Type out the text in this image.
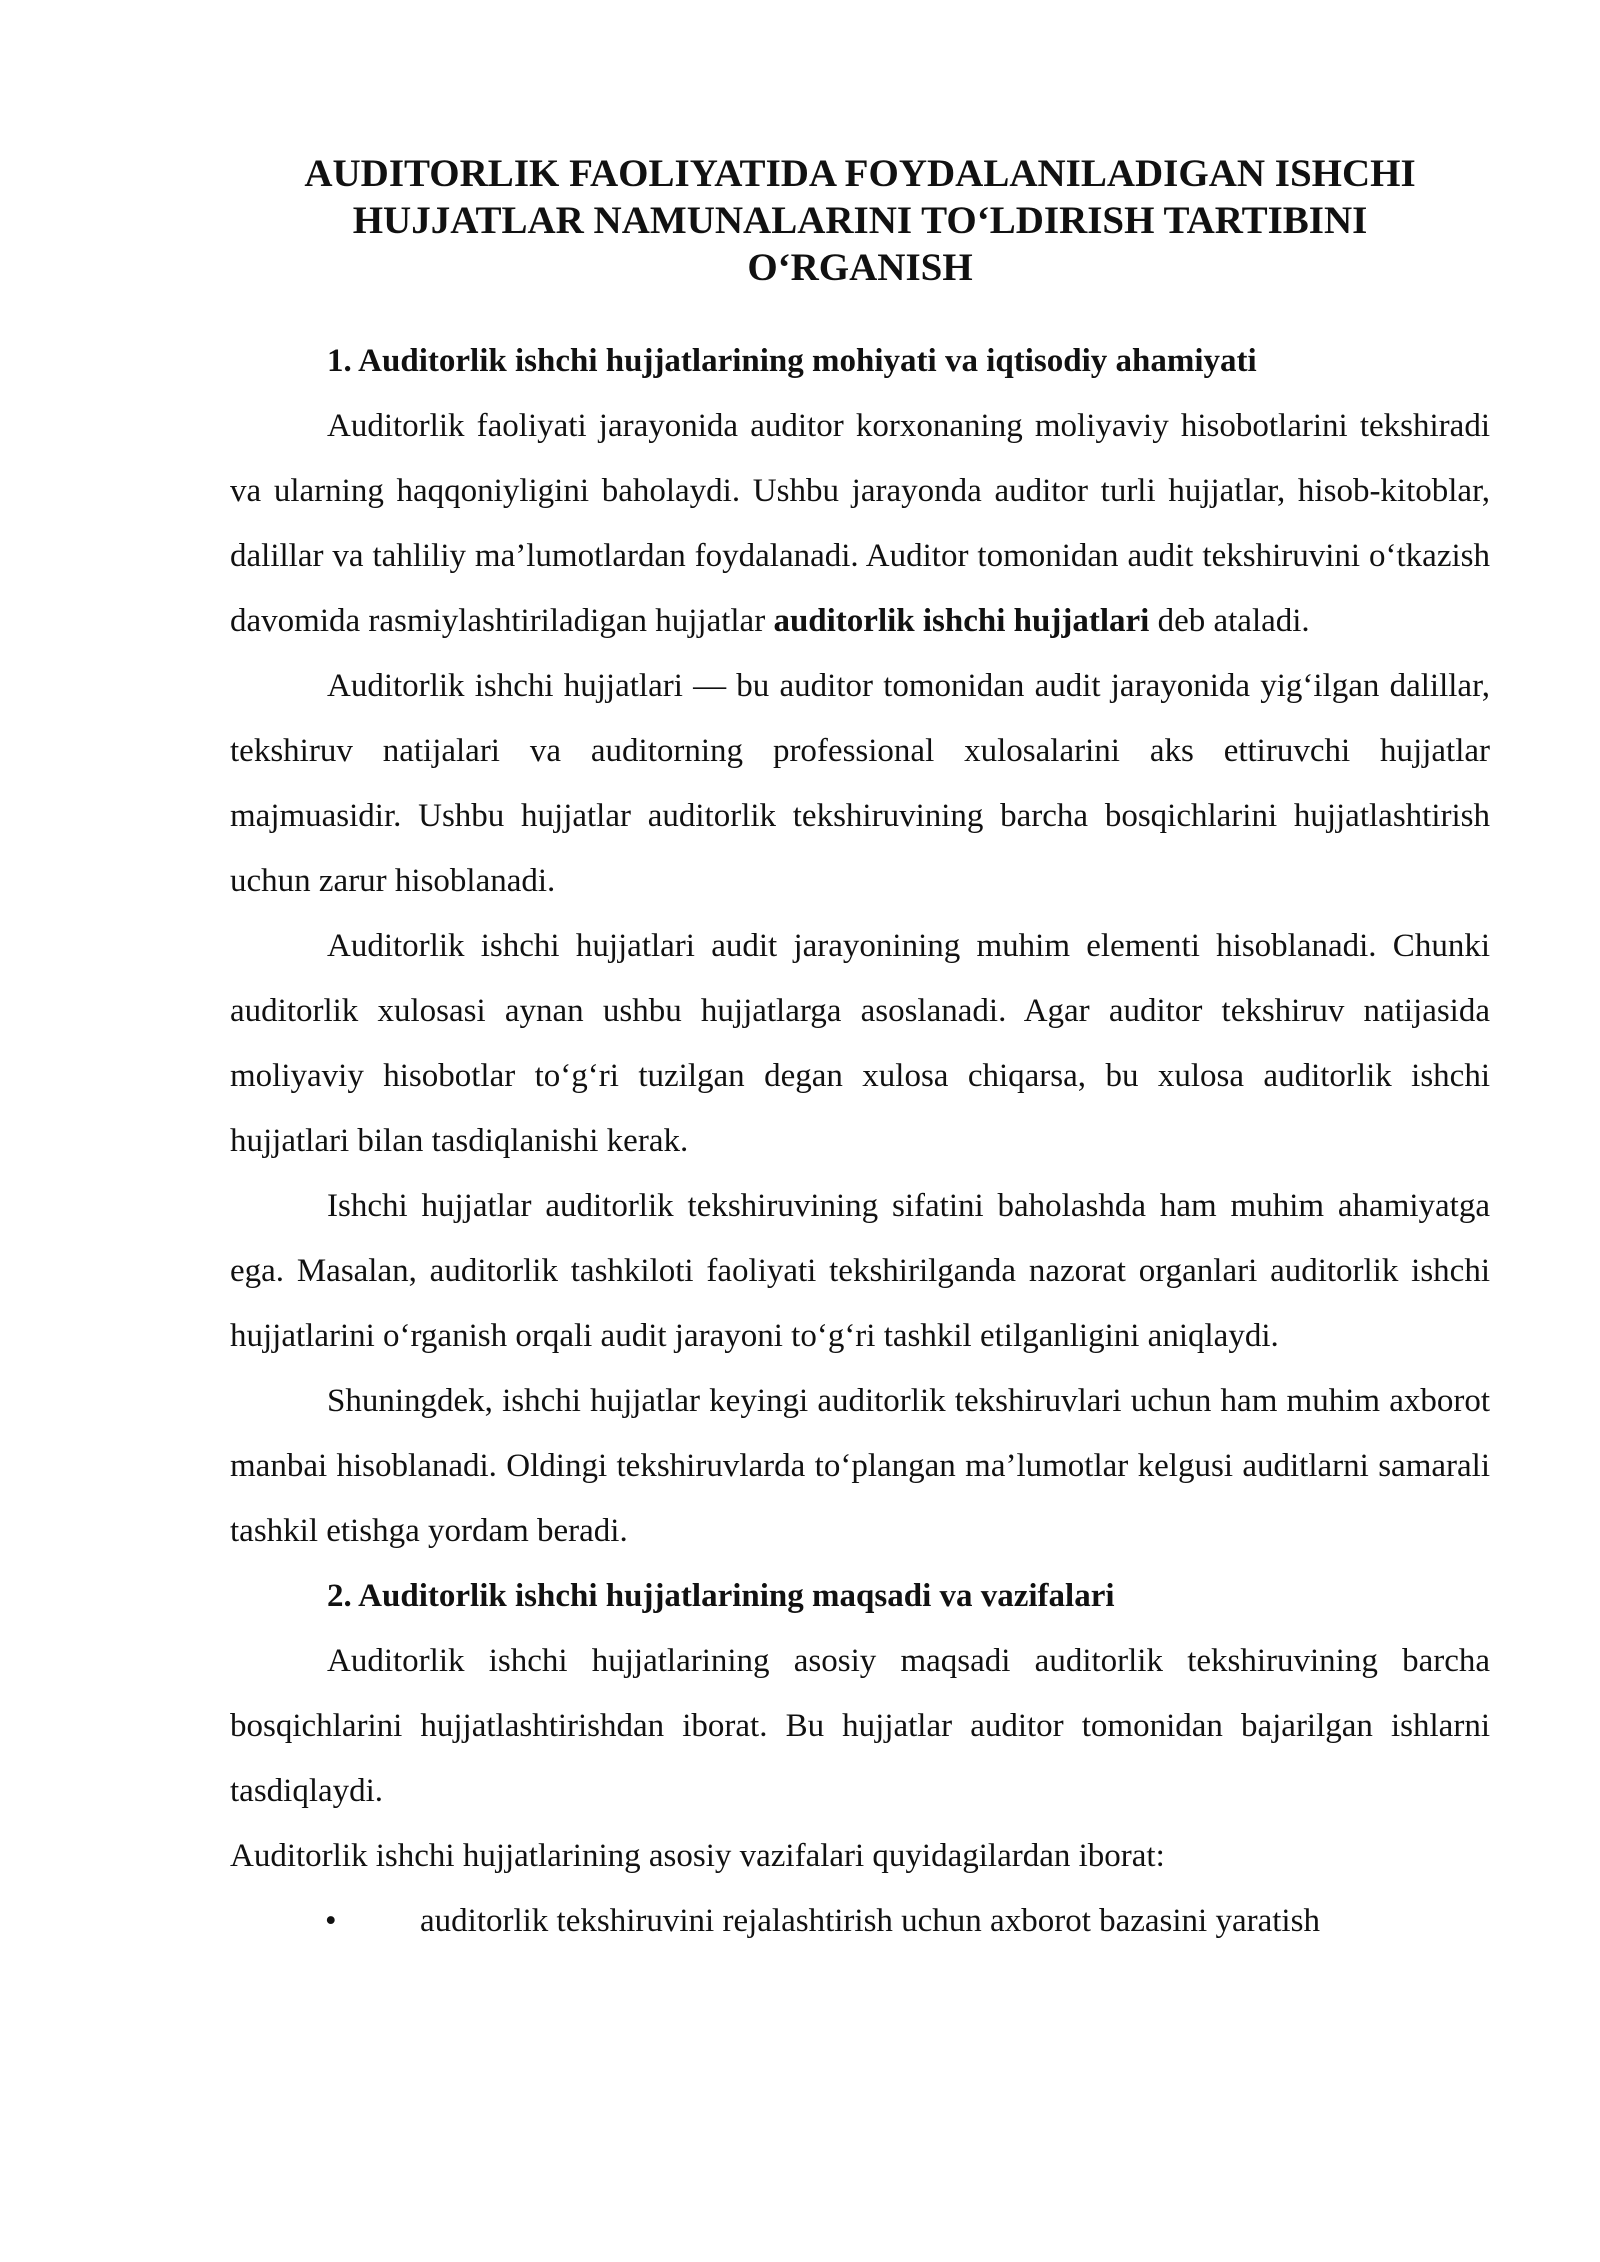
AUDITORLIK FAOLIYATIDA FOYDALANILADIGAN ISHCHI
HUJJATLAR NAMUNALARINI TO‘LDIRISH TARTIBINI
O‘RGANISH
1. Auditorlik ishchi hujjatlarining mohiyati va iqtisodiy ahamiyati

Auditorlik faoliyati jarayonida auditor korxonaning moliyaviy hisobotlarini tekshiradi va ularning haqqoniyligini baholaydi. Ushbu jarayonda auditor turli hujjatlar, hisob-kitoblar, dalillar va tahliliy ma’lumotlardan foydalanadi. Auditor tomonidan audit tekshiruvini o‘tkazish davomida rasmiylashtiriladigan hujjatlar auditorlik ishchi hujjatlari deb ataladi.

Auditorlik ishchi hujjatlari — bu auditor tomonidan audit jarayonida yig‘ilgan dalillar, tekshiruv natijalari va auditorning professional xulosalarini aks ettiruvchi hujjatlar majmuasidir. Ushbu hujjatlar auditorlik tekshiruvining barcha bosqichlarini hujjatlashtirish uchun zarur hisoblanadi.

Auditorlik ishchi hujjatlari audit jarayonining muhim elementi hisoblanadi. Chunki auditorlik xulosasi aynan ushbu hujjatlarga asoslanadi. Agar auditor tekshiruv natijasida moliyaviy hisobotlar to‘g‘ri tuzilgan degan xulosa chiqarsa, bu xulosa auditorlik ishchi hujjatlari bilan tasdiqlanishi kerak.

Ishchi hujjatlar auditorlik tekshiruvining sifatini baholashda ham muhim ahamiyatga ega. Masalan, auditorlik tashkiloti faoliyati tekshirilganda nazorat organlari auditorlik ishchi hujjatlarini o‘rganish orqali audit jarayoni to‘g‘ri tashkil etilganligini aniqlaydi.

Shuningdek, ishchi hujjatlar keyingi auditorlik tekshiruvlari uchun ham muhim axborot manbai hisoblanadi. Oldingi tekshiruvlarda to‘plangan ma’lumotlar kelgusi auditlarni samarali tashkil etishga yordam beradi.

2. Auditorlik ishchi hujjatlarining maqsadi va vazifalari

Auditorlik ishchi hujjatlarining asosiy maqsadi auditorlik tekshiruvining barcha bosqichlarini hujjatlashtirishdan iborat. Bu hujjatlar auditor tomonidan bajarilgan ishlarni tasdiqlaydi.

Auditorlik ishchi hujjatlarining asosiy vazifalari quyidagilardan iborat:

•	auditorlik tekshiruvini rejalashtirish uchun axborot bazasini yaratish
